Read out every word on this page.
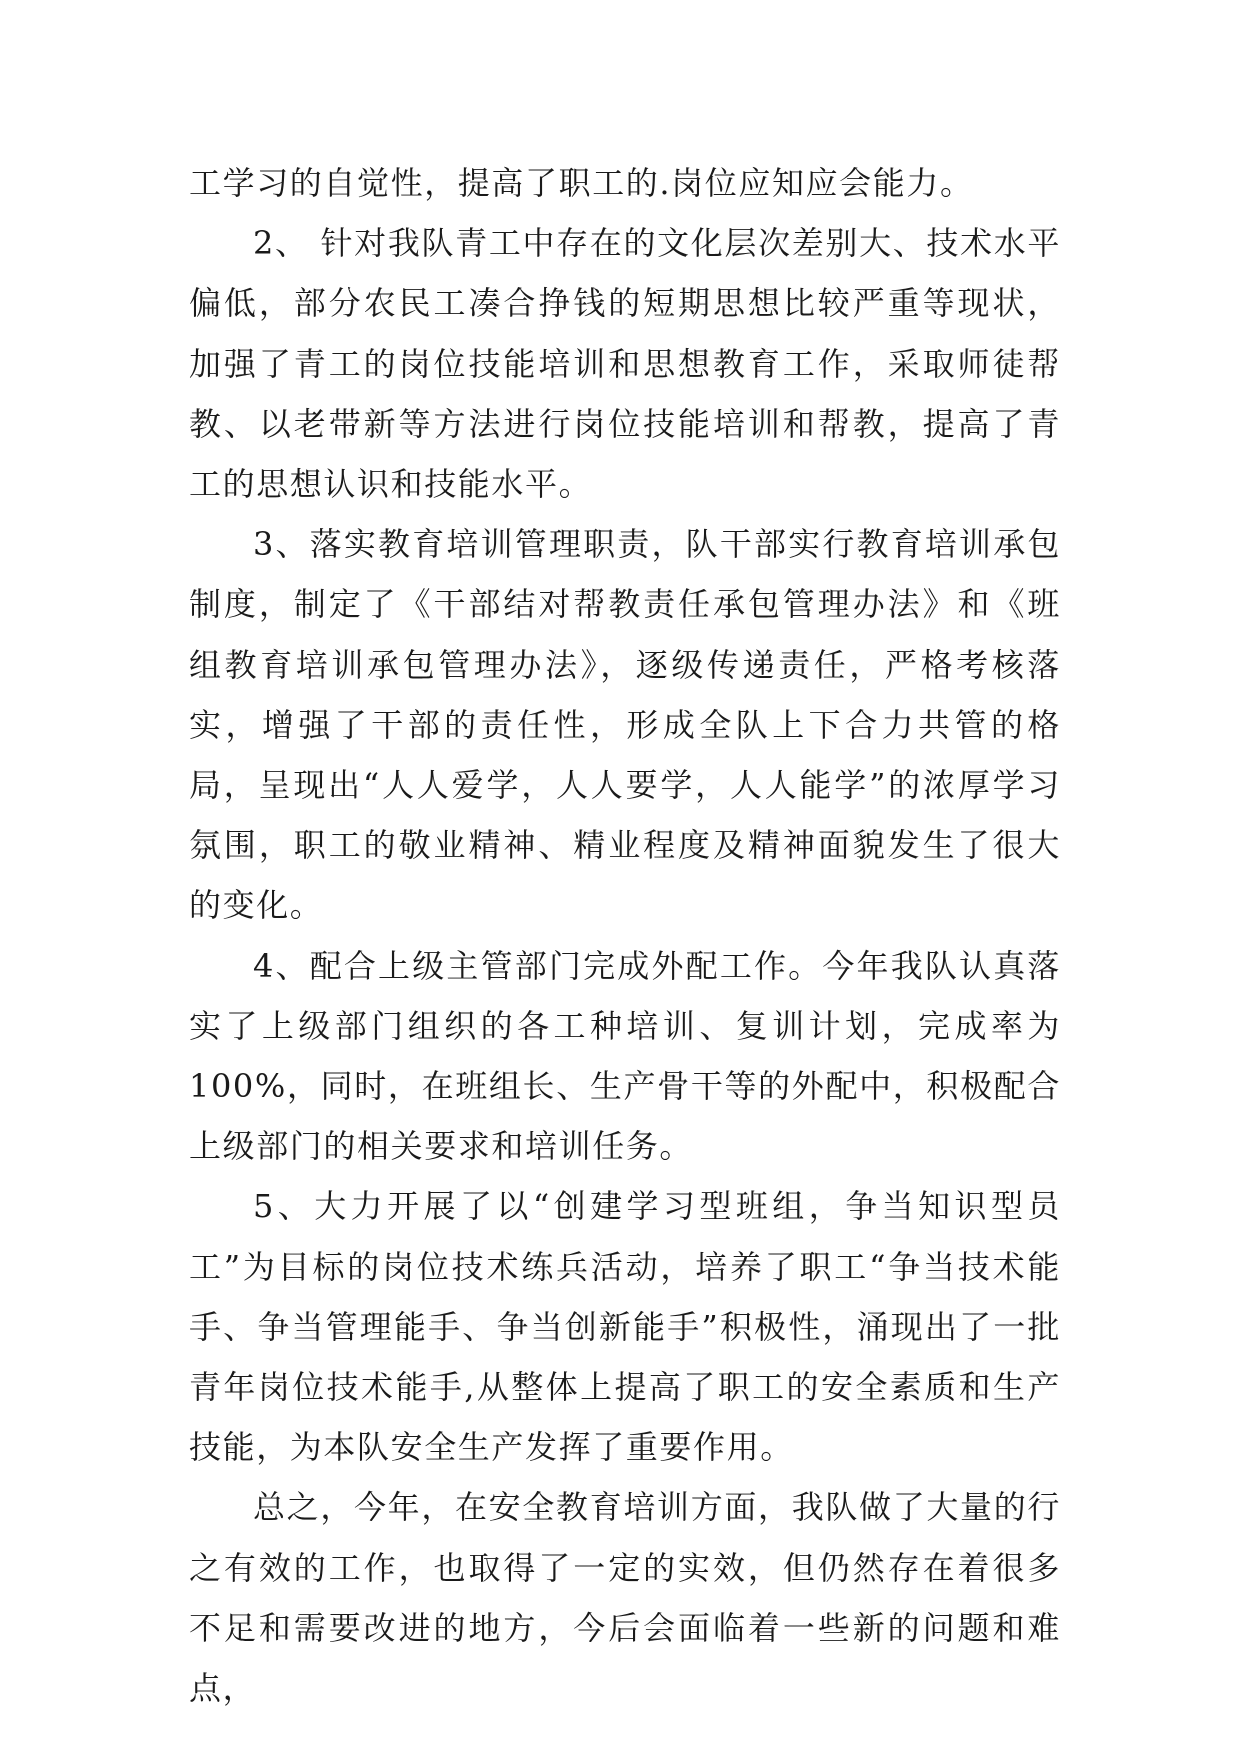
工学习的自觉性，提高了职工的.岗位应知应会能力。

2、 针对我队青工中存在的文化层次差别大、技术水平偏低，部分农民工凑合挣钱的短期思想比较严重等现状，加强了青工的岗位技能培训和思想教育工作，采取师徒帮教、以老带新等方法进行岗位技能培训和帮教，提高了青工的思想认识和技能水平。

3、落实教育培训管理职责，队干部实行教育培训承包制度，制定了《干部结对帮教责任承包管理办法》和《班组教育培训承包管理办法》，逐级传递责任，严格考核落实，增强了干部的责任性，形成全队上下合力共管的格局，呈现出“人人爱学，人人要学，人人能学”的浓厚学习氛围，职工的敬业精神、精业程度及精神面貌发生了很大的变化。

4、配合上级主管部门完成外配工作。今年我队认真落实了上级部门组织的各工种培训、复训计划，完成率为100%，同时，在班组长、生产骨干等的外配中，积极配合上级部门的相关要求和培训任务。

5、大力开展了以“创建学习型班组，争当知识型员工”为目标的岗位技术练兵活动，培养了职工“争当技术能手、争当管理能手、争当创新能手”积极性，涌现出了一批青年岗位技术能手,从整体上提高了职工的安全素质和生产技能，为本队安全生产发挥了重要作用。

总之，今年，在安全教育培训方面，我队做了大量的行之有效的工作，也取得了一定的实效，但仍然存在着很多不足和需要改进的地方，今后会面临着一些新的问题和难点，
